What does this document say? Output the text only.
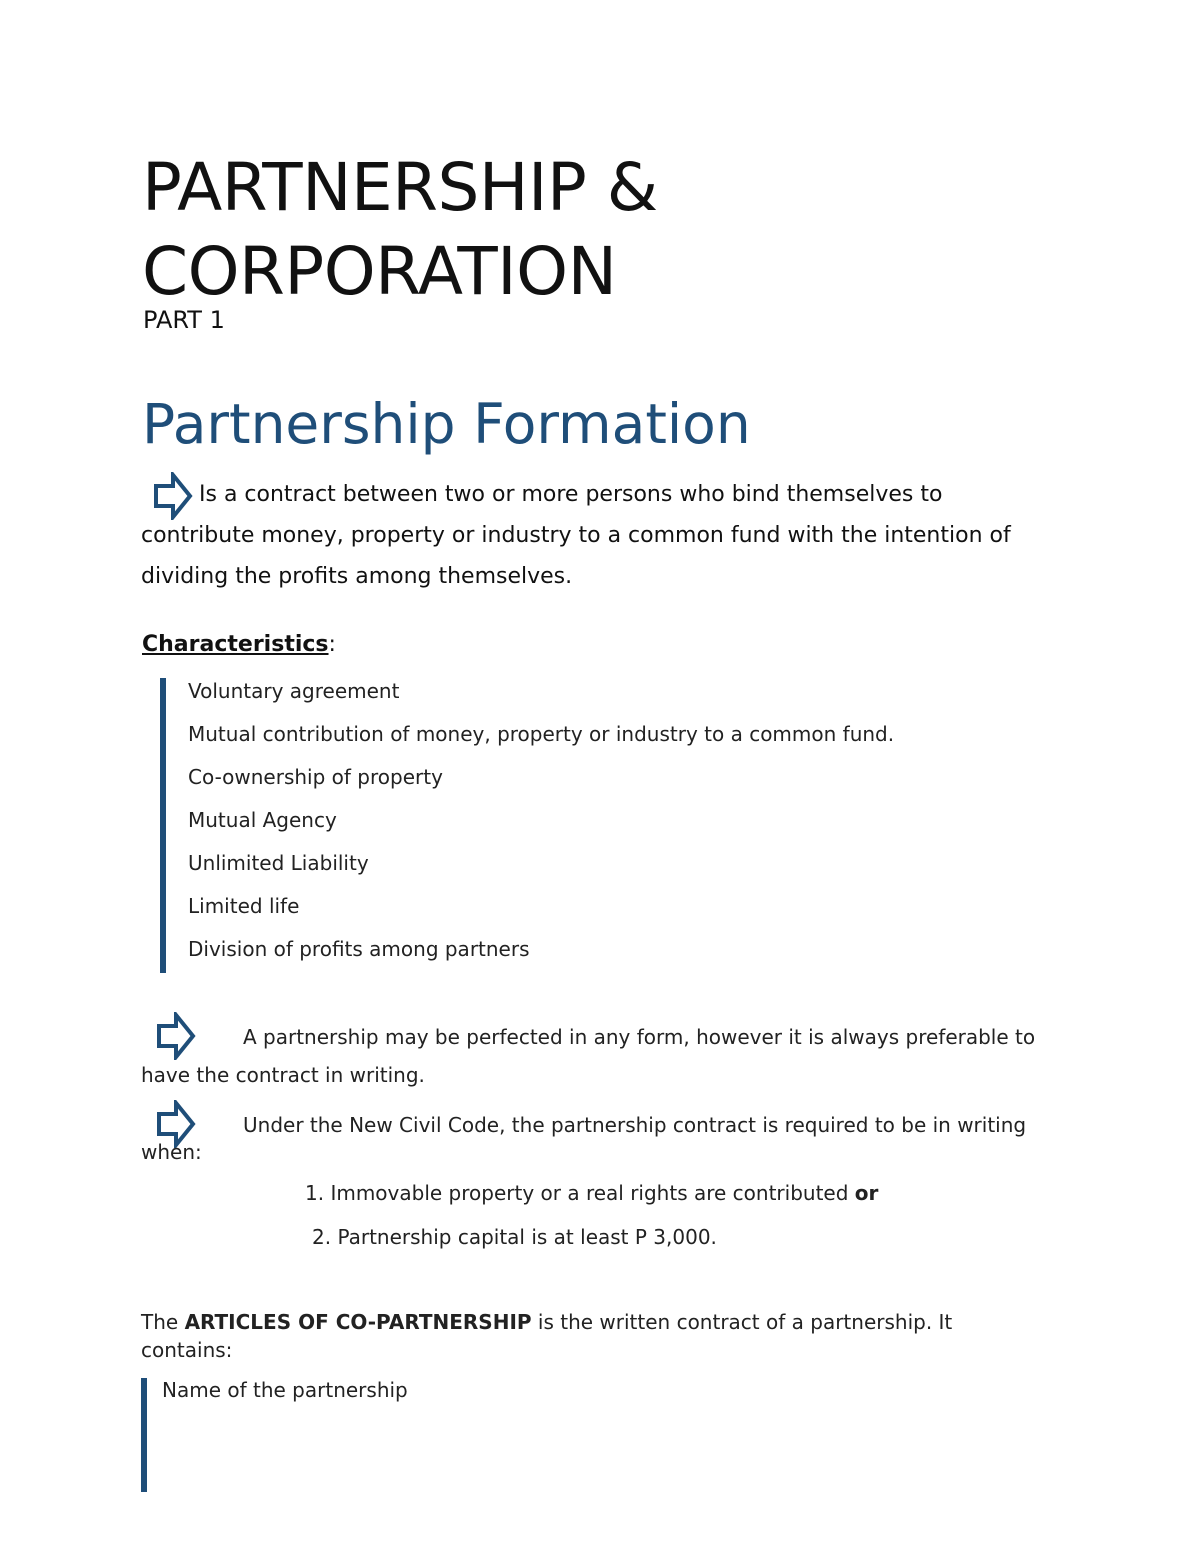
PARTNERSHIP &
CORPORATION
PART 1
Partnership Formation
Is a contract between two or more persons who bind themselves to contribute money, property or industry to a common fund with the intention of dividing the profits among themselves.
Characteristics:
Voluntary agreement
Mutual contribution of money, property or industry to a common fund.
Co-ownership of property
Mutual Agency
Unlimited Liability
Limited life
Division of profits among partners
A partnership may be perfected in any form, however it is always preferable to have the contract in writing.
Under the New Civil Code, the partnership contract is required to be in writing when:
1. Immovable property or a real rights are contributed or
2. Partnership capital is at least P 3,000.
The ARTICLES OF CO-PARTNERSHIP is the written contract of a partnership. It contains:
Name of the partnership
